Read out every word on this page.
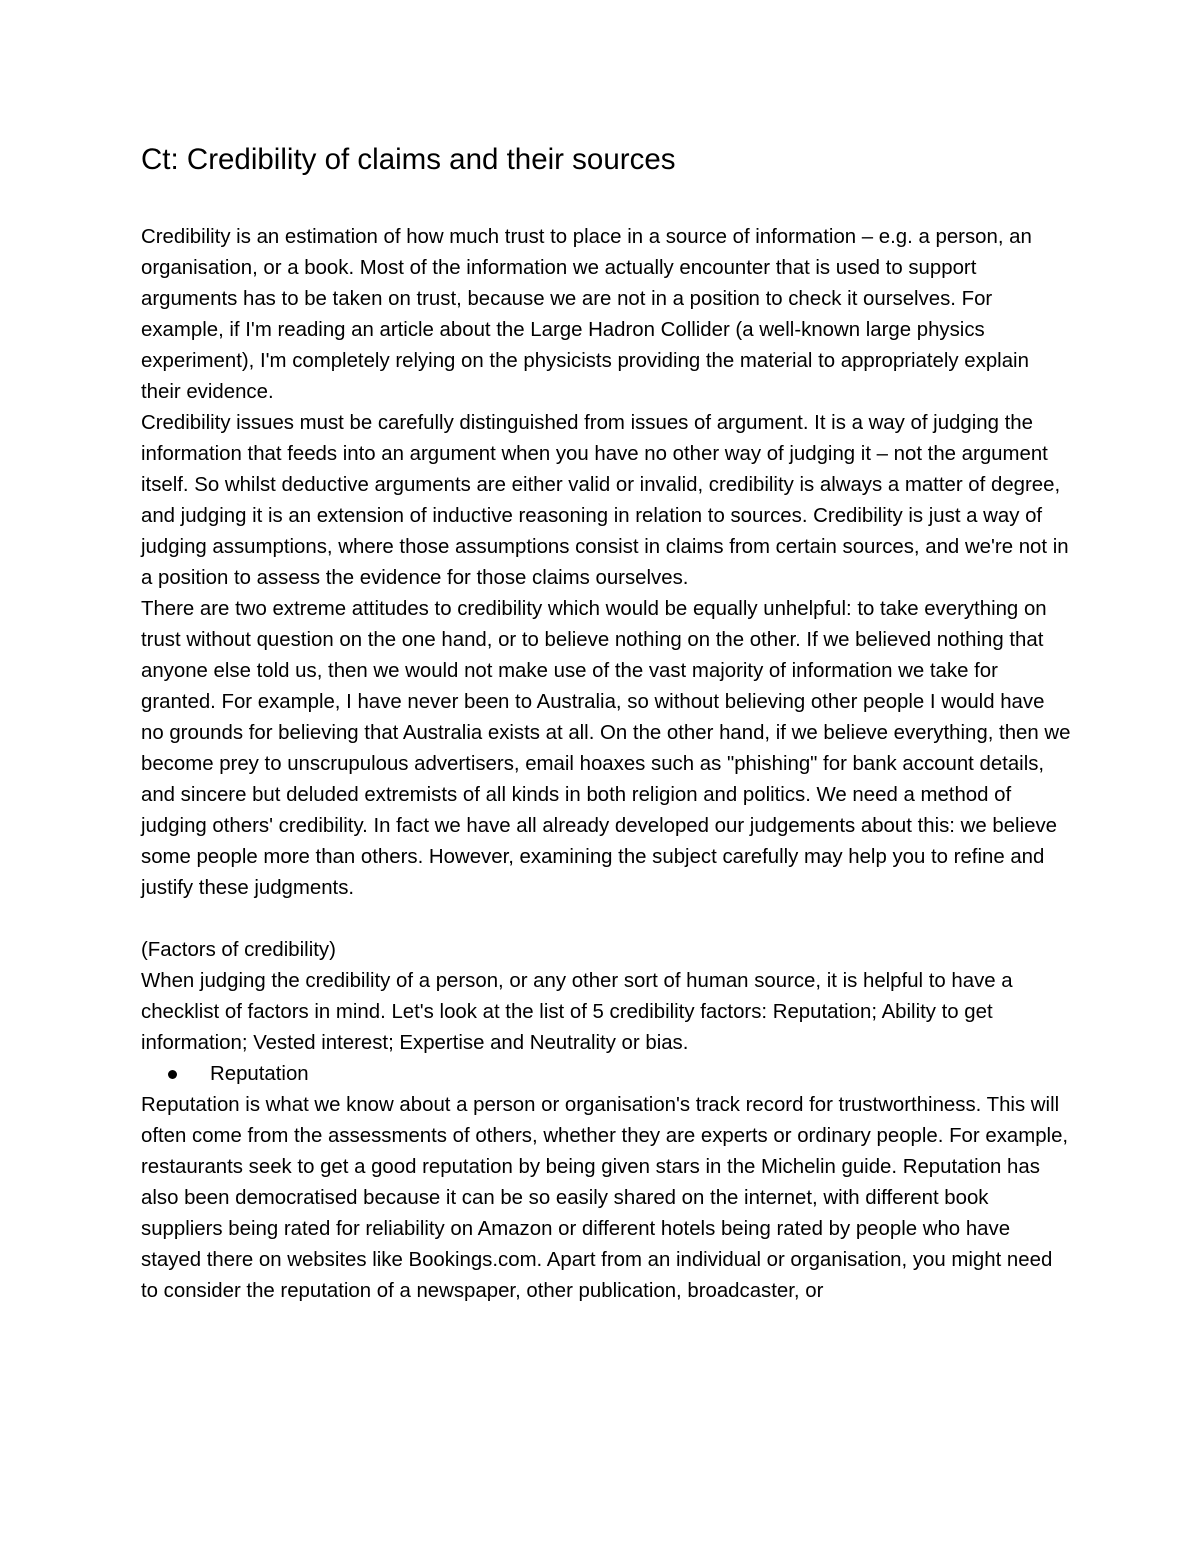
Ct: Credibility of claims and their sources

Credibility is an estimation of how much trust to place in a source of information – e.g. a person, an organisation, or a book. Most of the information we actually encounter that is used to support arguments has to be taken on trust, because we are not in a position to check it ourselves. For example, if I'm reading an article about the Large Hadron Collider (a well-known large physics experiment), I'm completely relying on the physicists providing the material to appropriately explain their evidence.

Credibility issues must be carefully distinguished from issues of argument. It is a way of judging the information that feeds into an argument when you have no other way of judging it – not the argument itself. So whilst deductive arguments are either valid or invalid, credibility is always a matter of degree, and judging it is an extension of inductive reasoning in relation to sources. Credibility is just a way of judging assumptions, where those assumptions consist in claims from certain sources, and we're not in a position to assess the evidence for those claims ourselves.

There are two extreme attitudes to credibility which would be equally unhelpful: to take everything on trust without question on the one hand, or to believe nothing on the other. If we believed nothing that anyone else told us, then we would not make use of the vast majority of information we take for granted. For example, I have never been to Australia, so without believing other people I would have no grounds for believing that Australia exists at all. On the other hand, if we believe everything, then we become prey to unscrupulous advertisers, email hoaxes such as "phishing" for bank account details, and sincere but deluded extremists of all kinds in both religion and politics. We need a method of judging others' credibility. In fact we have all already developed our judgements about this: we believe some people more than others. However, examining the subject carefully may help you to refine and justify these judgments.

(Factors of credibility)

When judging the credibility of a person, or any other sort of human source, it is helpful to have a checklist of factors in mind. Let's look at the list of 5 credibility factors: Reputation; Ability to get information; Vested interest; Expertise and Neutrality or bias.

Reputation

Reputation is what we know about a person or organisation's track record for trustworthiness. This will often come from the assessments of others, whether they are experts or ordinary people. For example, restaurants seek to get a good reputation by being given stars in the Michelin guide. Reputation has also been democratised because it can be so easily shared on the internet, with different book suppliers being rated for reliability on Amazon or different hotels being rated by people who have stayed there on websites like Bookings.com. Apart from an individual or organisation, you might need to consider the reputation of a newspaper, other publication, broadcaster, or
